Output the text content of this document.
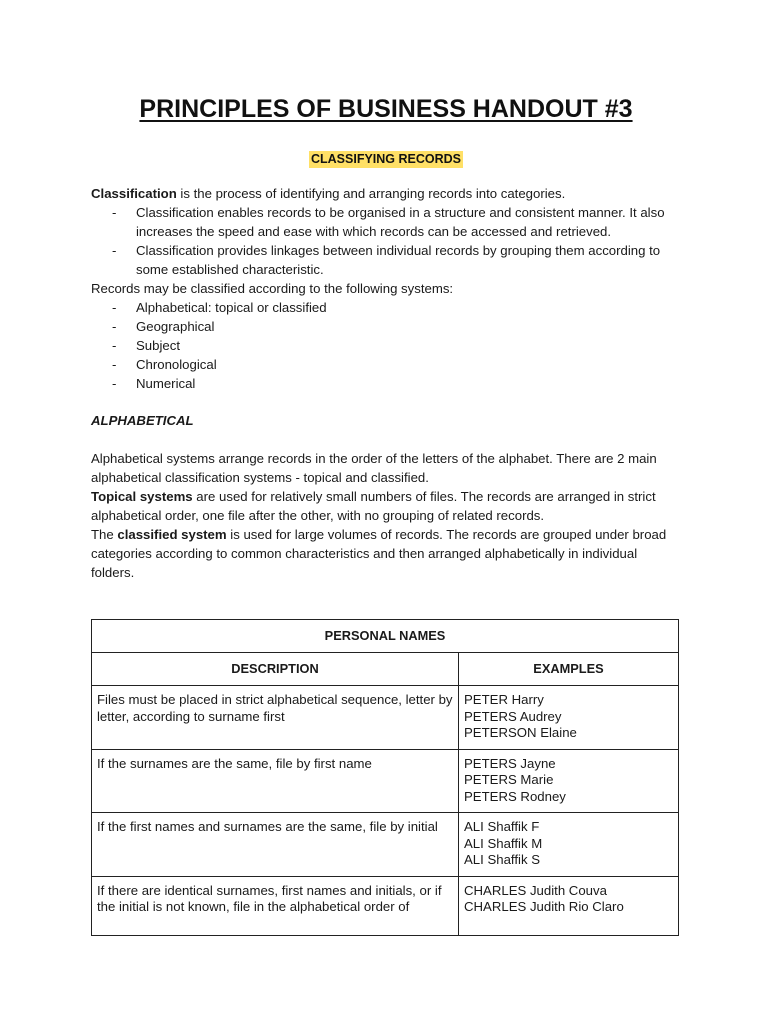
PRINCIPLES OF BUSINESS HANDOUT #3
CLASSIFYING RECORDS

Classification is the process of identifying and arranging records into categories.

- Classification enables records to be organised in a structure and consistent manner. It also increases the speed and ease with which records can be accessed and retrieved.
- Classification provides linkages between individual records by grouping them according to some established characteristic.

Records may be classified according to the following systems:

- Alphabetical: topical or classified
- Geographical
- Subject
- Chronological
- Numerical

ALPHABETICAL

Alphabetical systems arrange records in the order of the letters of the alphabet. There are 2 main alphabetical classification systems - topical and classified.

Topical systems are used for relatively small numbers of files. The records are arranged in strict alphabetical order, one file after the other, with no grouping of related records.

The classified system is used for large volumes of records. The records are grouped under broad categories according to common characteristics and then arranged alphabetically in individual folders.

PERSONAL NAMES	
DESCRIPTION	EXAMPLES
Files must be placed in strict alphabetical sequence, letter by letter, according to surname first	PETER Harry
PETERS Audrey
PETERSON Elaine

If the surnames are the same, file by first name	PETERS Jayne
PETERS Marie
PETERS Rodney

If the first names and surnames are the same, file by initial	ALI Shaffik F
ALI Shaffik M
ALI Shaffik S

If there are identical surnames, first names and initials, or if the initial is not known, file in the alphabetical order of	CHARLES Judith Couva
CHARLES Judith Rio Claro
